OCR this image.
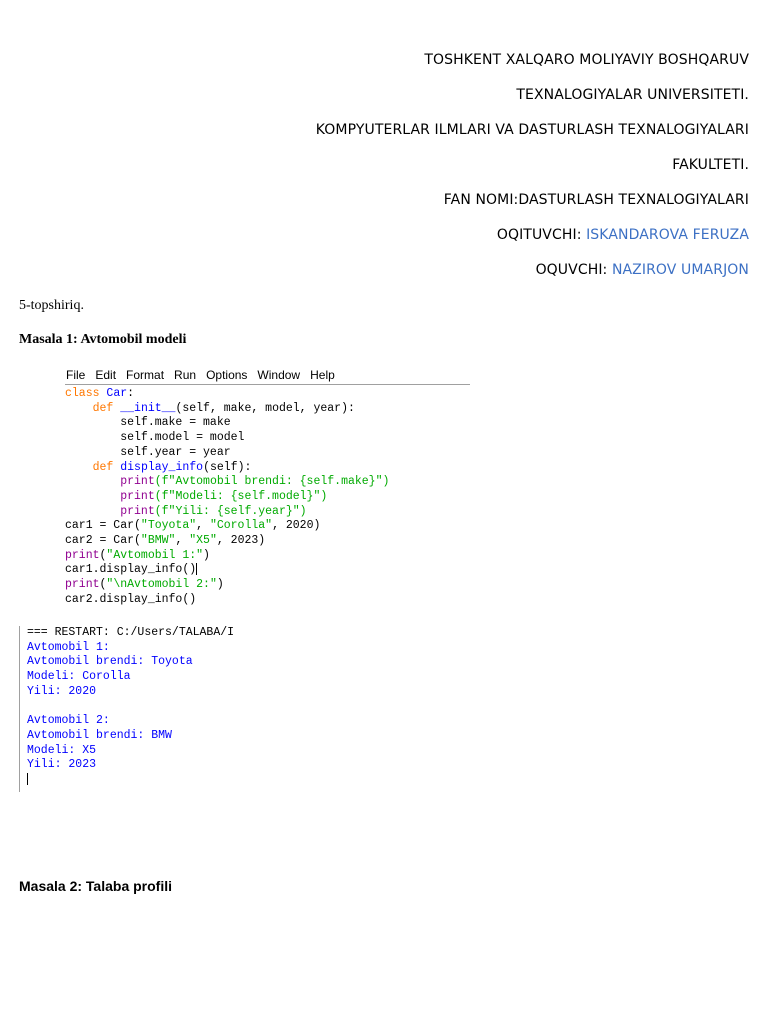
TOSHKENT XALQARO MOLIYAVIY BOSHQARUV
TEXNALOGIYALAR UNIVERSITETI.
KOMPYUTERLAR ILMLARI VA DASTURLASH TEXNALOGIYALARI
FAKULTETI.
FAN NOMI:DASTURLASH TEXNALOGIYALARI
OQITUVCHI: ISKANDAROVA FERUZA
OQUVCHI: NAZIROV UMARJON
5-topshiriq.
Masala 1: Avtomobil modeli
File Edit Format Run Options Window Help
class Car:
def __init__(self, make, model, year):
self.make = make
self.model = model
self.year = year
def display_info(self):
print(f"Avtomobil brendi: {self.make}")
print(f"Modeli: {self.model}")
print(f"Yili: {self.year}")
car1 = Car("Toyota", "Corolla", 2020)
car2 = Car("BMW", "X5", 2023)
print("Avtomobil 1:")
car1.display_info()
print("\nAvtomobil 2:")
car2.display_info()
=== RESTART: C:/Users/TALABA/I
Avtomobil 1:
Avtomobil brendi: Toyota
Modeli: Corolla
Yili: 2020

Avtomobil 2:
Avtomobil brendi: BMW
Modeli: X5
Yili: 2023
Masala 2: Talaba profili
